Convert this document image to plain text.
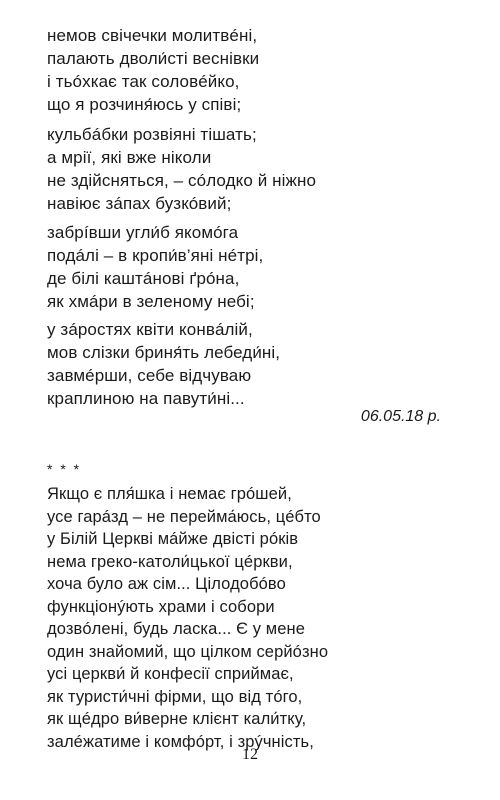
немов свічечки молитвéні,
палають дволи́сті веснівки
і тьóхкає так соловéйко,
що я розчиня́юсь у співі;
кульбáбки розвіяні тішать;
а мрії, які вже ніколи
не здійсняться, – сóлодко й ніжно
навіює зáпах бузкóвий;
забрíвши угли́б якомóга
подáлі – в кропи́в’яні нéтрі,
де білі каштáнові ґрóна,
як хмáри в зеленому небі;
у зáростях квіти конвáлій,
мов слізки бриня́ть лебеди́ні,
завмéрши, себе відчуваю
краплиною на павути́ні...
06.05.18 р.
* * *
Якщо є пля́шка і немає грóшей,
усе гарáзд – не перейма́юсь, цéбто
у Білій Церкві мáйже двісті рóків
нема греко-католи́цької цéркви,
хоча було аж сім... Цілодобóво
функціонýють храми і собори
дозвóлені, будь ласка... Є у мене
один знайомий, що цілком серйóзно
усі церкви́ й конфесії сприймає,
як туристи́чні фірми, що від тóго,
як щéдро ви́верне клієнт кали́тку,
залéжатиме і комфóрт, і зрýчність,
12
